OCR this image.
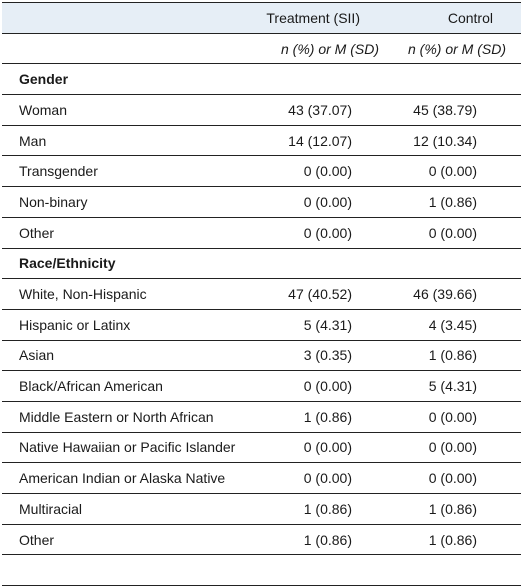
	Treatment (SII)	Control
	n (%) or M (SD)	n (%) or M (SD)
Gender		
Woman	43 (37.07)	45 (38.79)
Man	14 (12.07)	12 (10.34)
Transgender	0 (0.00)	0 (0.00)
Non-binary	0 (0.00)	1 (0.86)
Other	0 (0.00)	0 (0.00)
Race/Ethnicity		
White, Non-Hispanic	47 (40.52)	46 (39.66)
Hispanic or Latinx	5 (4.31)	4 (3.45)
Asian	3 (0.35)	1 (0.86)
Black/African American	0 (0.00)	5 (4.31)
Middle Eastern or North African	1 (0.86)	0 (0.00)
Native Hawaiian or Pacific Islander	0 (0.00)	0 (0.00)
American Indian or Alaska Native	0 (0.00)	0 (0.00)
Multiracial	1 (0.86)	1 (0.86)
Other	1 (0.86)	1 (0.86)
